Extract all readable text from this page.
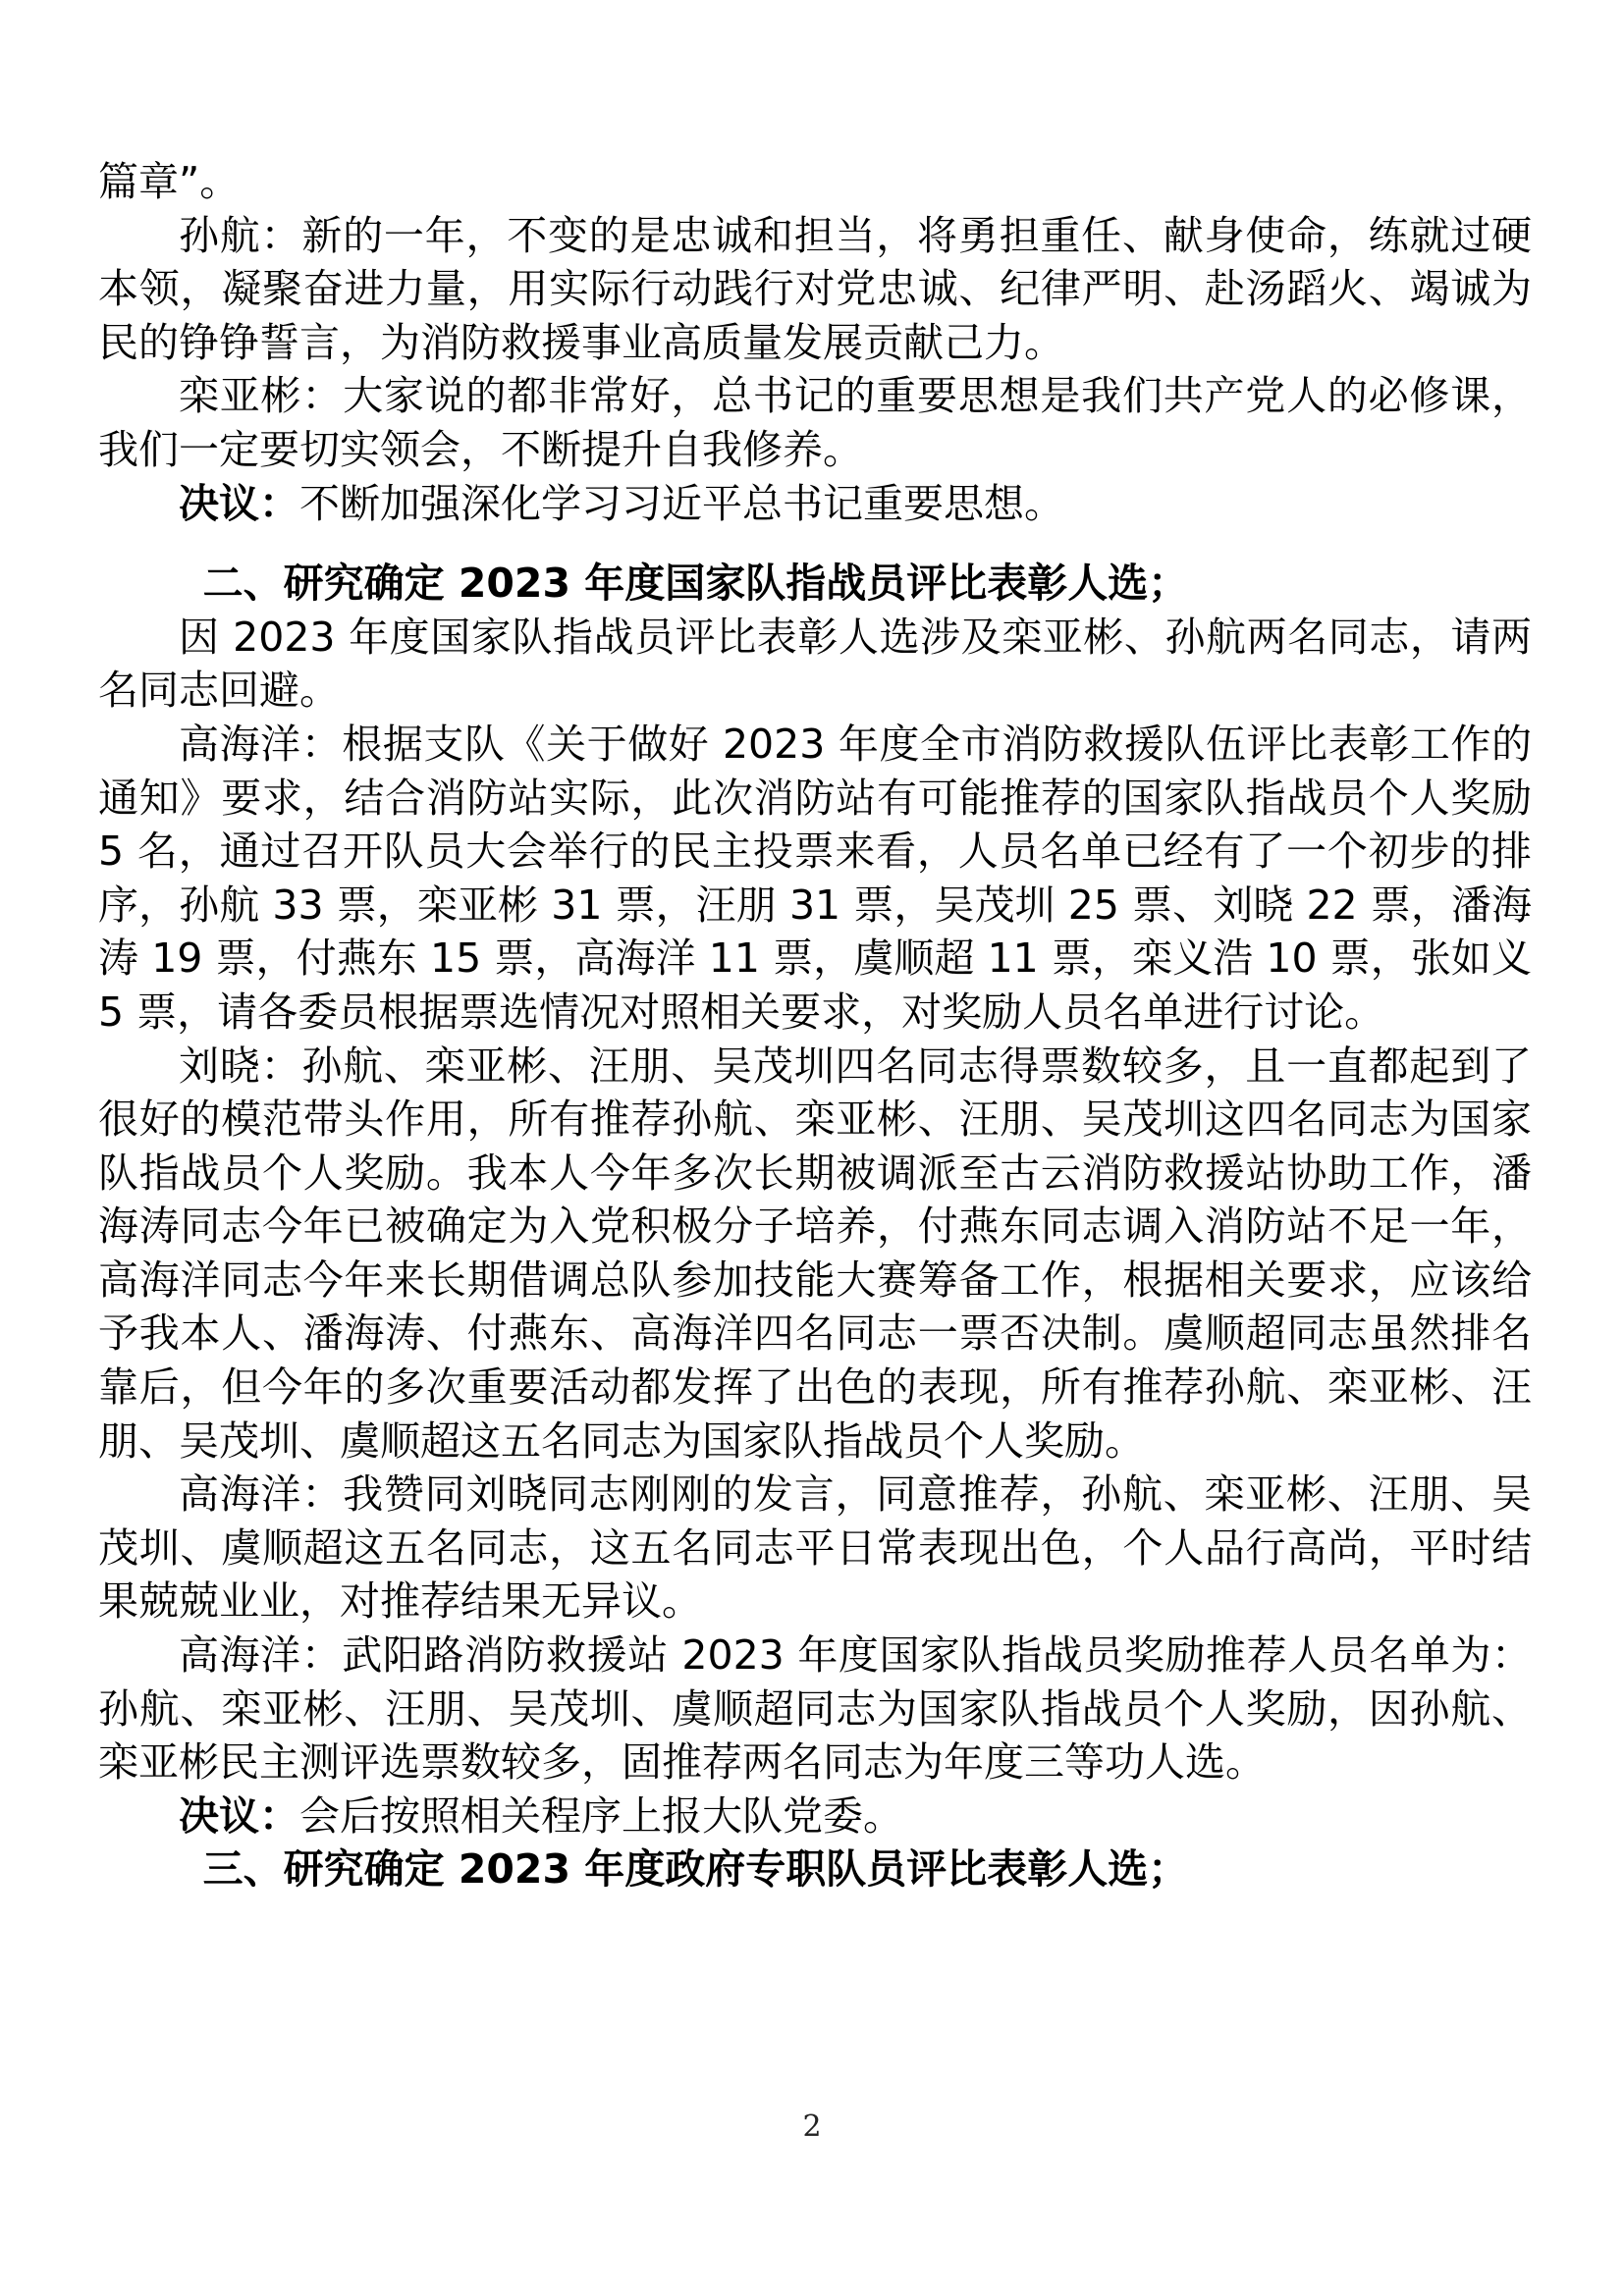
篇章”。

孙航：新的一年，不变的是忠诚和担当，将勇担重任、献身使命，练就过硬本领，凝聚奋进力量，用实际行动践行对党忠诚、纪律严明、赴汤蹈火、竭诚为民的铮铮誓言，为消防救援事业高质量发展贡献己力。

栾亚彬：大家说的都非常好，总书记的重要思想是我们共产党人的必修课，我们一定要切实领会，不断提升自我修养。

决议：不断加强深化学习习近平总书记重要思想。

二、研究确定 2023 年度国家队指战员评比表彰人选；

因 2023 年度国家队指战员评比表彰人选涉及栾亚彬、孙航两名同志，请两名同志回避。

高海洋：根据支队《关于做好 2023 年度全市消防救援队伍评比表彰工作的通知》要求，结合消防站实际，此次消防站有可能推荐的国家队指战员个人奖励 5 名，通过召开队员大会举行的民主投票来看，人员名单已经有了一个初步的排序，孙航 33 票，栾亚彬 31 票，汪朋 31 票，吴茂圳 25 票、刘晓 22 票，潘海涛 19 票，付燕东 15 票，高海洋 11 票，虞顺超 11 票，栾义浩 10 票，张如义 5 票，请各委员根据票选情况对照相关要求，对奖励人员名单进行讨论。

刘晓：孙航、栾亚彬、汪朋、吴茂圳四名同志得票数较多，且一直都起到了很好的模范带头作用，所有推荐孙航、栾亚彬、汪朋、吴茂圳这四名同志为国家队指战员个人奖励。我本人今年多次长期被调派至古云消防救援站协助工作，潘海涛同志今年已被确定为入党积极分子培养，付燕东同志调入消防站不足一年，高海洋同志今年来长期借调总队参加技能大赛筹备工作，根据相关要求，应该给予我本人、潘海涛、付燕东、高海洋四名同志一票否决制。虞顺超同志虽然排名靠后，但今年的多次重要活动都发挥了出色的表现，所有推荐孙航、栾亚彬、汪朋、吴茂圳、虞顺超这五名同志为国家队指战员个人奖励。

高海洋：我赞同刘晓同志刚刚的发言，同意推荐，孙航、栾亚彬、汪朋、吴茂圳、虞顺超这五名同志，这五名同志平日常表现出色，个人品行高尚，平时结果兢兢业业，对推荐结果无异议。

高海洋：武阳路消防救援站 2023 年度国家队指战员奖励推荐人员名单为：孙航、栾亚彬、汪朋、吴茂圳、虞顺超同志为国家队指战员个人奖励，因孙航、栾亚彬民主测评选票数较多，固推荐两名同志为年度三等功人选。

决议：会后按照相关程序上报大队党委。

三、研究确定 2023 年度政府专职队员评比表彰人选；

2
